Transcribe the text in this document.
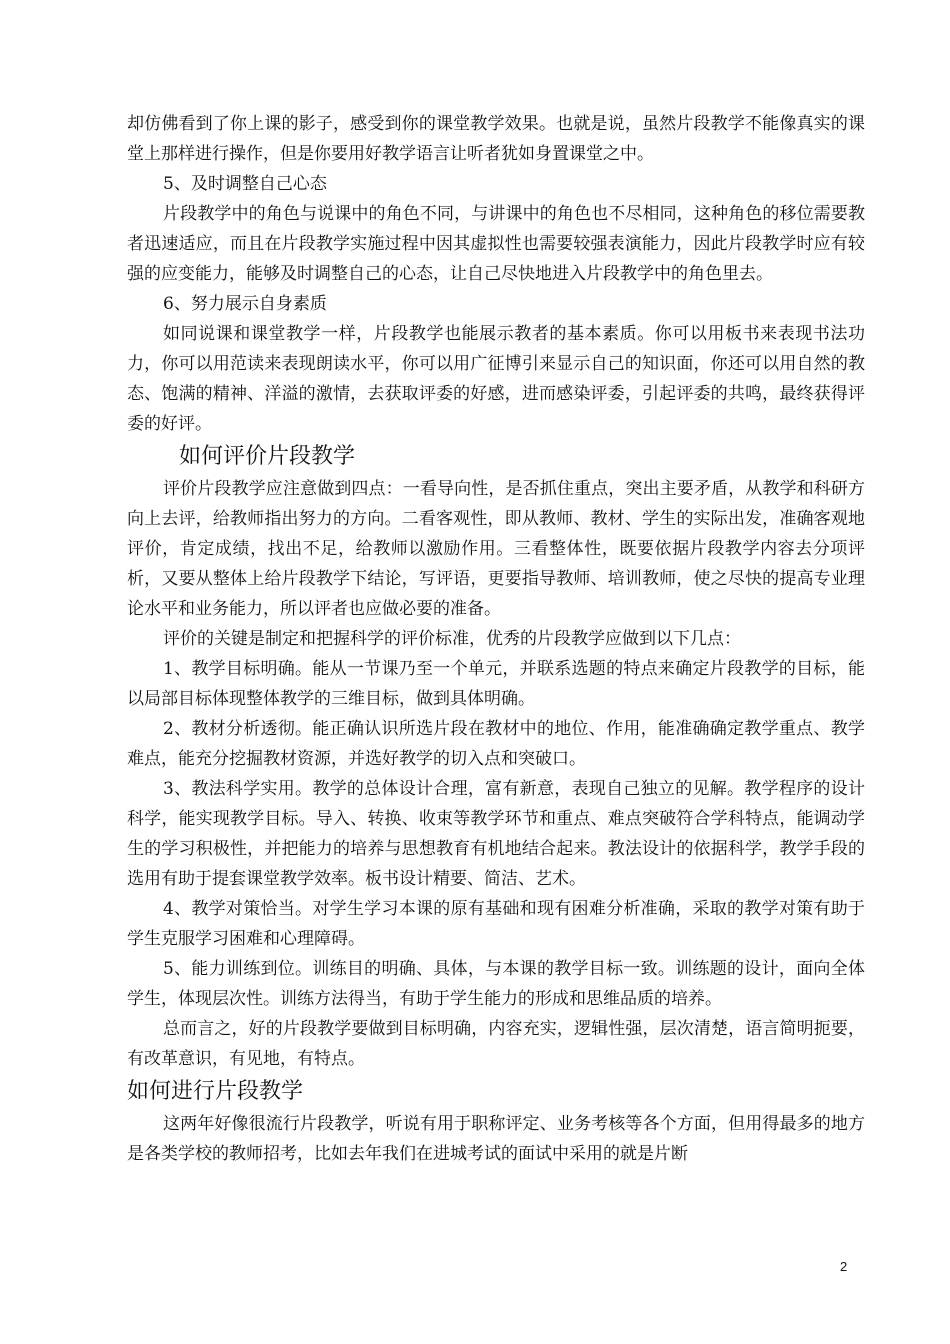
却仿佛看到了你上课的影子，感受到你的课堂教学效果。也就是说，虽然片段教学不能像真实的课堂上那样进行操作，但是你要用好教学语言让听者犹如身置课堂之中。

5、及时调整自己心态

片段教学中的角色与说课中的角色不同，与讲课中的角色也不尽相同，这种角色的移位需要教者迅速适应，而且在片段教学实施过程中因其虚拟性也需要较强表演能力，因此片段教学时应有较强的应变能力，能够及时调整自己的心态，让自己尽快地进入片段教学中的角色里去。

6、努力展示自身素质

如同说课和课堂教学一样，片段教学也能展示教者的基本素质。你可以用板书来表现书法功力，你可以用范读来表现朗读水平，你可以用广征博引来显示自己的知识面，你还可以用自然的教态、饱满的精神、洋溢的激情，去获取评委的好感，进而感染评委，引起评委的共鸣，最终获得评委的好评。

如何评价片段教学

评价片段教学应注意做到四点：一看导向性，是否抓住重点，突出主要矛盾，从教学和科研方向上去评，给教师指出努力的方向。二看客观性，即从教师、教材、学生的实际出发，准确客观地评价，肯定成绩，找出不足，给教师以激励作用。三看整体性，既要依据片段教学内容去分项评析，又要从整体上给片段教学下结论，写评语，更要指导教师、培训教师，使之尽快的提高专业理论水平和业务能力，所以评者也应做必要的准备。

评价的关键是制定和把握科学的评价标准，优秀的片段教学应做到以下几点：

1、教学目标明确。能从一节课乃至一个单元，并联系选题的特点来确定片段教学的目标，能以局部目标体现整体教学的三维目标，做到具体明确。

2、教材分析透彻。能正确认识所选片段在教材中的地位、作用，能准确确定教学重点、教学难点，能充分挖掘教材资源，并选好教学的切入点和突破口。

3、教法科学实用。教学的总体设计合理，富有新意，表现自己独立的见解。教学程序的设计科学，能实现教学目标。导入、转换、收束等教学环节和重点、难点突破符合学科特点，能调动学生的学习积极性，并把能力的培养与思想教育有机地结合起来。教法设计的依据科学，教学手段的选用有助于提套课堂教学效率。板书设计精要、简洁、艺术。

4、教学对策恰当。对学生学习本课的原有基础和现有困难分析准确，采取的教学对策有助于学生克服学习困难和心理障碍。

5、能力训练到位。训练目的明确、具体，与本课的教学目标一致。训练题的设计，面向全体学生，体现层次性。训练方法得当，有助于学生能力的形成和思维品质的培养。

总而言之，好的片段教学要做到目标明确，内容充实，逻辑性强，层次清楚，语言简明扼要，有改革意识，有见地，有特点。

如何进行片段教学

这两年好像很流行片段教学，听说有用于职称评定、业务考核等各个方面，但用得最多的地方是各类学校的教师招考，比如去年我们在进城考试的面试中采用的就是片断

2
